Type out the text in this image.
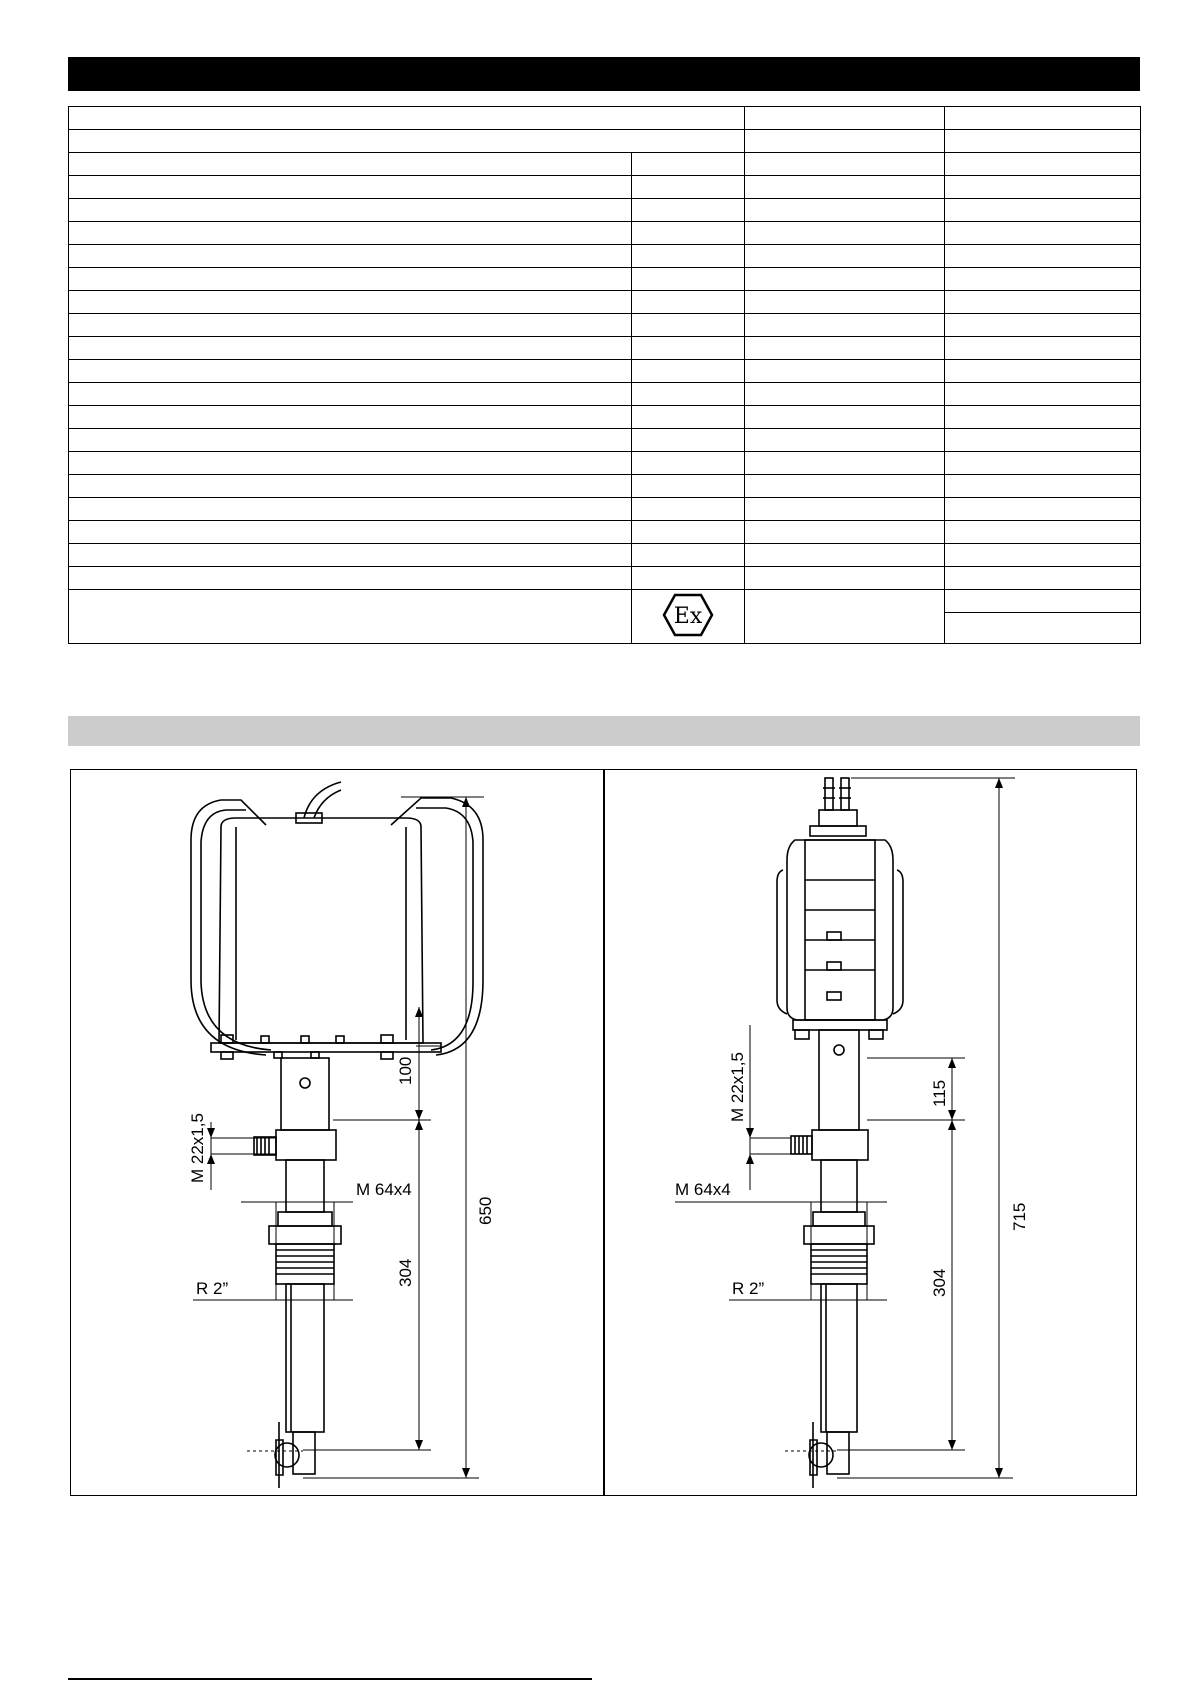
Ex		

M 22x1,5
M 64x4
R 2”
100
304
650
M 22x1,5
M 64x4
R 2”
115
304
715
